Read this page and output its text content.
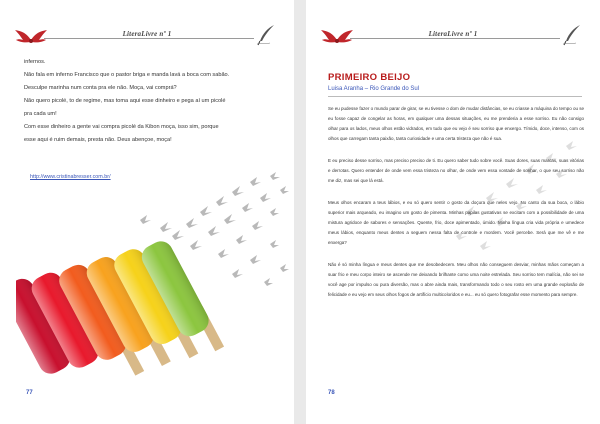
LiteraLivre nº 1

infernos.

Não fala em inferno Francisco que o pastor briga e manda lavá a boca com sabão.

Desculpe marinha num conta pra ele não. Moça, vai comprá?

Não quero picolé, to de regime, mas toma aqui esse dinheiro e pega aí um picolé

pra cada um!

Com esse dinheiro a gente vai compra picolé da Kibon moça, isso sim, porque

esse aqui é ruim demais, presta não. Deus abençoe, moça!

http://www.cristinabresser.com.br/
77
LiteraLivre nº 1
PRIMEIRO BEIJO
Luisa Aranha – Rio Grande do Sul

Se eu pudesse fazer o mundo parar de girar, se eu tivesse o dom de mudar distâncias, se eu criasse a máquina do tempo ou se eu fosse capaz de congelar as horas, em qualquer uma dessas situações, eu me prenderia a esse sorriso. Eu não consigo olhar para os lados, meus olhos estão vidrados, em tudo que eu vejo é seu sorriso que enxergo. Tímido, doce, intenso, com os olhos que carregam tanta paixão, tanta curiosidade e uma certa tristeza que não é sua.

E eu preciso desse sorriso, mas preciso preciso de ti. Eu quero saber tudo sobre você. Suas dores, suas marcas, suas vitórias e derrotas. Quero entender de onde vem essa tristeza no olhar, de onde vem essa vontade de sonhar, o que seu sorriso não me diz, mas sei que lá está.

Meus olhos encaram a teus lábios, e eu só quero sentir o gosto da doçura que neles vejo. No canto da sua boca, o lábio superior mais arqueado, eu imagino um gosto de pimenta. Minhas papilas gustativas se excitam com a possibilidade de uma mistura agridoce de sabores e sensações. Quente, frio, doce apimentado, úmido. Minha língua cria vida própria e umedece meus lábios, enquanto meus dentes a seguem nessa falta de controle e mordem. Você percebe. Será que me vê e me enxerga?

Não é só minha língua e meus dentes que me desobedecem. Meu olhos não conseguem desviar, minhas mãos começam a suar frio e meu corpo inteiro se ascende me deixando brilhante como uma noite estrelada. Seu sorriso tem malícia, não sei se você age por impulso ou pura diversão, mas o abre ainda mais, transformando todo o seu rosto em uma grande explosão de felicidade e eu vejo em seus olhos fogos de artifício multicoloridos e eu... eu só quero fotografar esse momento para sempre.

78
